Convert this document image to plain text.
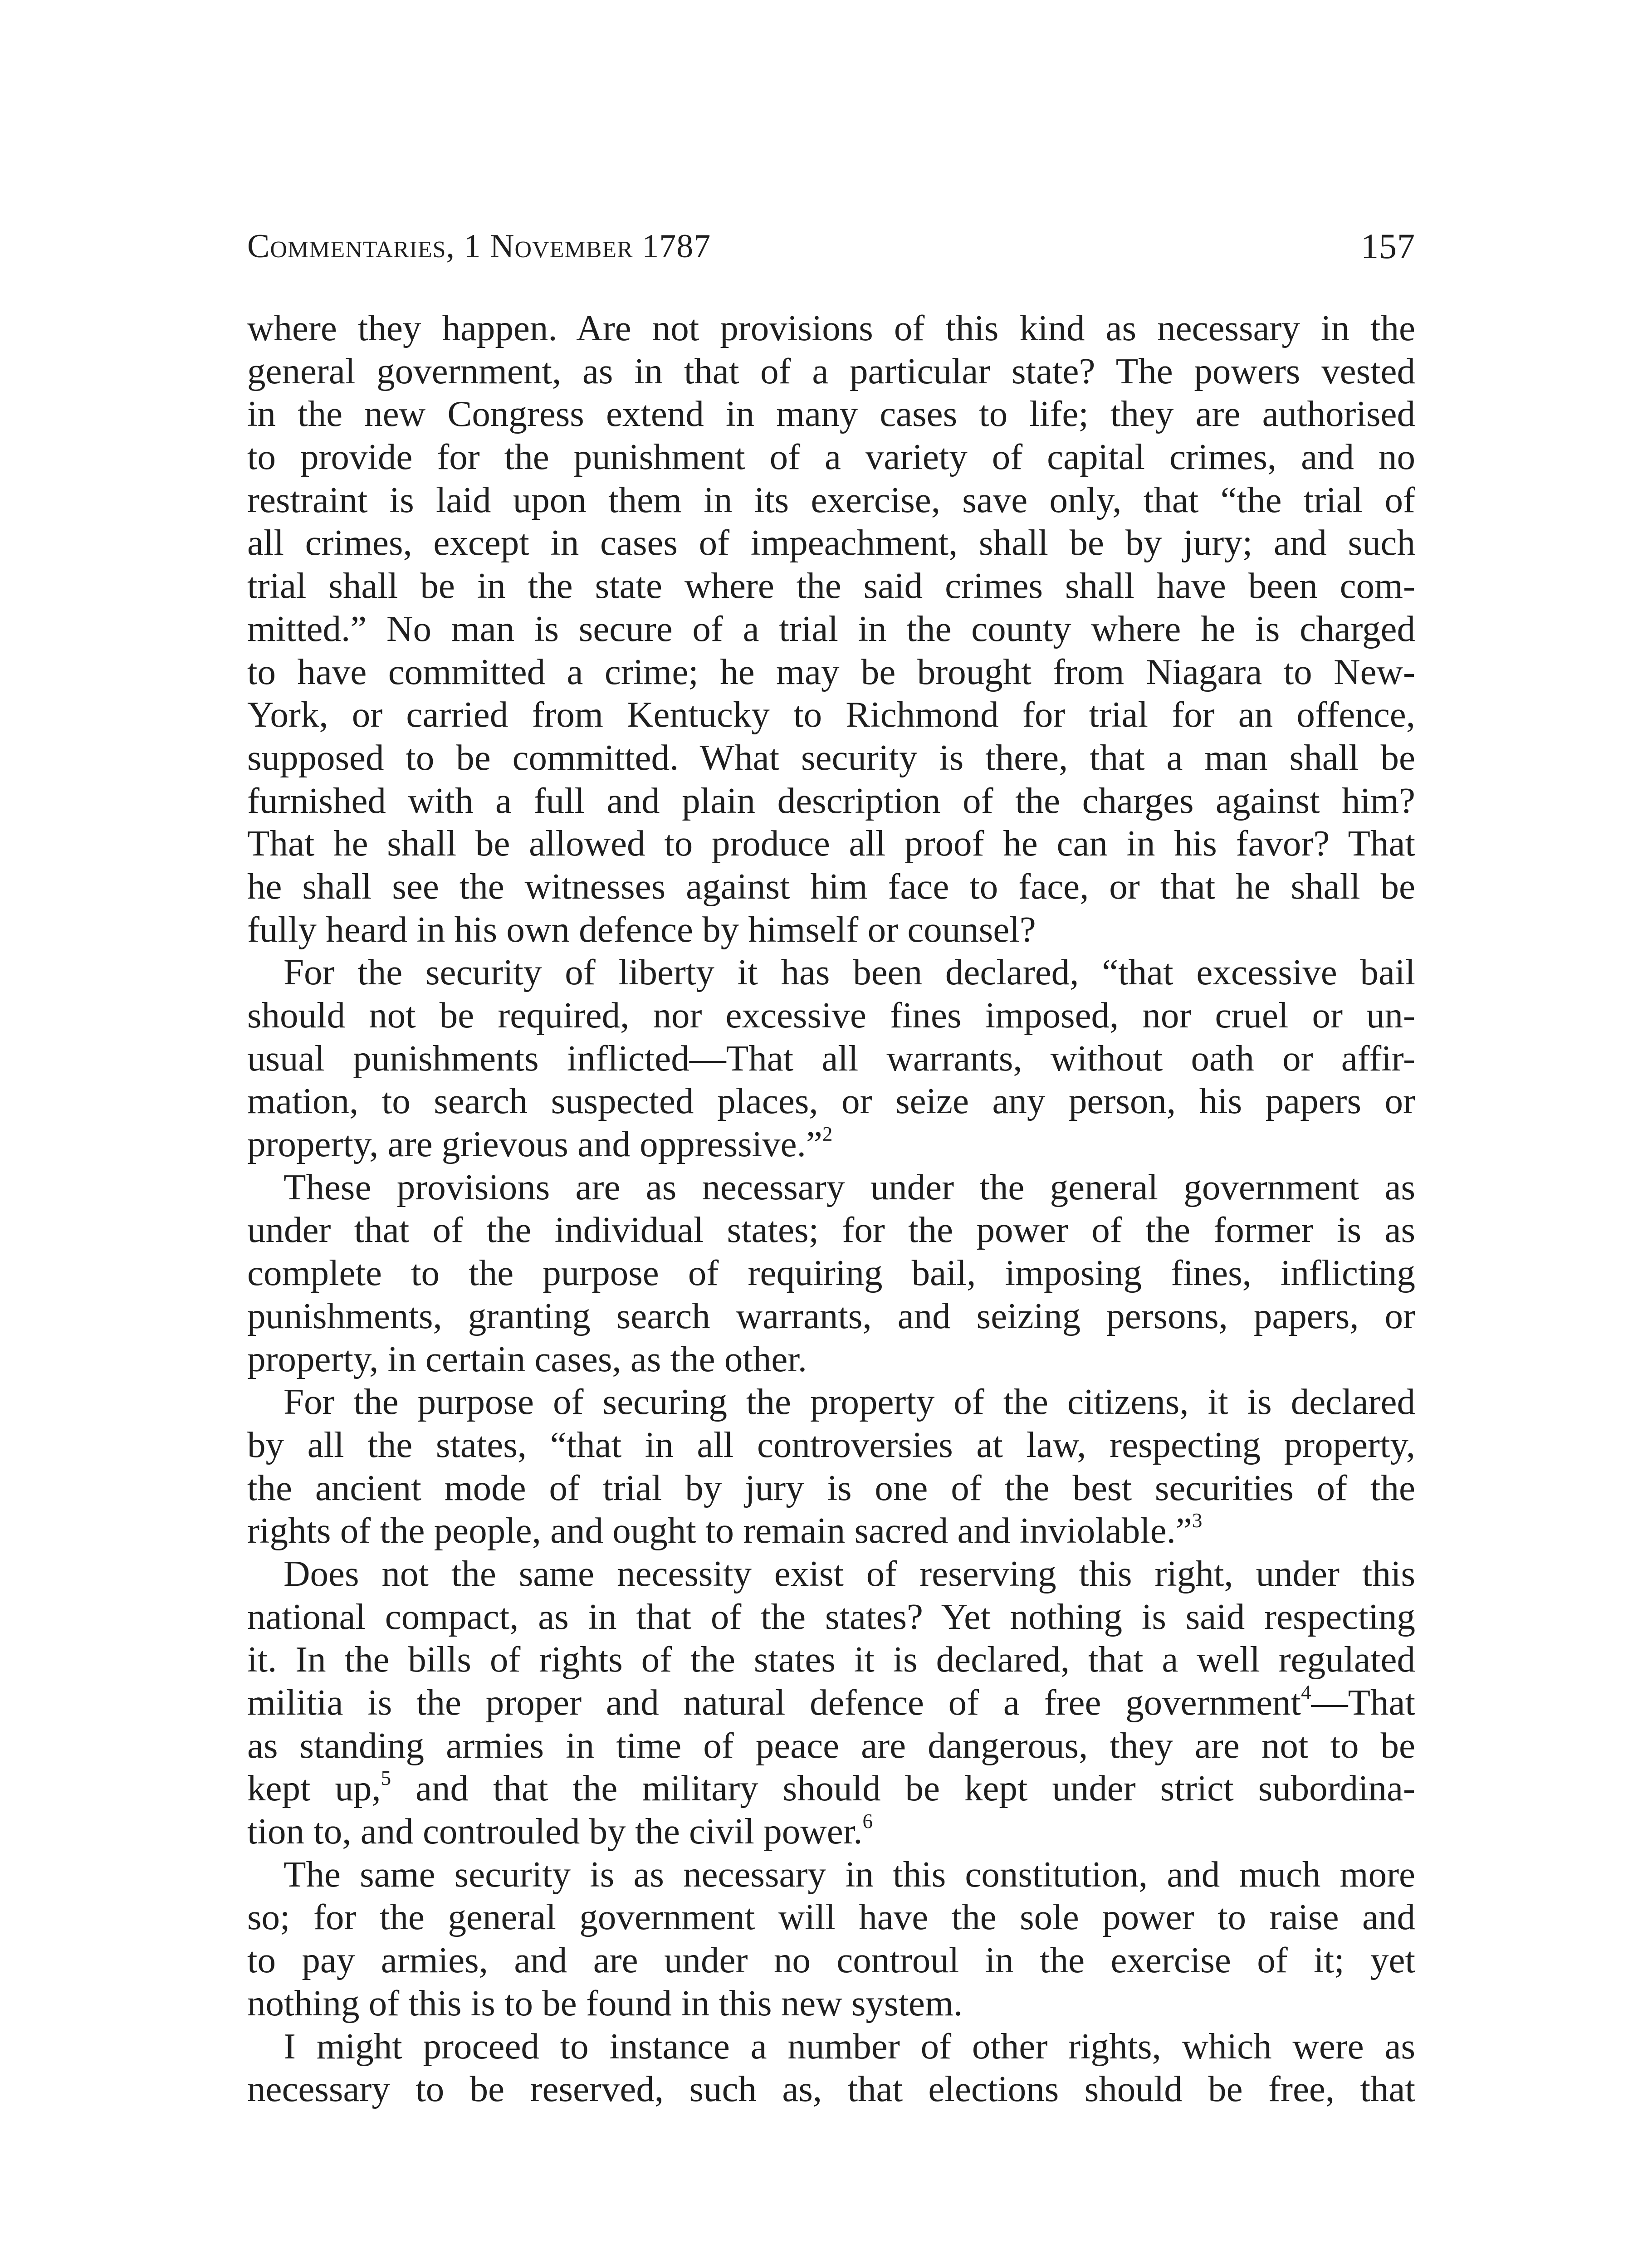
Commentaries, 1 November 1787	157
where they happen. Are not provisions of this kind as necessary in the
general government, as in that of a particular state? The powers vested
in the new Congress extend in many cases to life; they are authorised
to provide for the punishment of a variety of capital crimes, and no
restraint is laid upon them in its exercise, save only, that “the trial of
all crimes, except in cases of impeachment, shall be by jury; and such
trial shall be in the state where the said crimes shall have been com-
mitted.” No man is secure of a trial in the county where he is charged
to have committed a crime; he may be brought from Niagara to New-
York, or carried from Kentucky to Richmond for trial for an offence,
supposed to be committed. What security is there, that a man shall be
furnished with a full and plain description of the charges against him?
That he shall be allowed to produce all proof he can in his favor? That
he shall see the witnesses against him face to face, or that he shall be
fully heard in his own defence by himself or counsel?
For the security of liberty it has been declared, “that excessive bail
should not be required, nor excessive fines imposed, nor cruel or un-
usual punishments inflicted—That all warrants, without oath or affir-
mation, to search suspected places, or seize any person, his papers or
property, are grievous and oppressive.”$^2$
These provisions are as necessary under the general government as
under that of the individual states; for the power of the former is as
complete to the purpose of requiring bail, imposing fines, inflicting
punishments, granting search warrants, and seizing persons, papers, or
property, in certain cases, as the other.
For the purpose of securing the property of the citizens, it is declared
by all the states, “that in all controversies at law, respecting property,
the ancient mode of trial by jury is one of the best securities of the
rights of the people, and ought to remain sacred and inviolable.”$^3$
Does not the same necessity exist of reserving this right, under this
national compact, as in that of the states? Yet nothing is said respecting
it. In the bills of rights of the states it is declared, that a well regulated
militia is the proper and natural defence of a free government$^4$—That
as standing armies in time of peace are dangerous, they are not to be
kept up,$^5$ and that the military should be kept under strict subordina-
tion to, and controuled by the civil power.$^6$
The same security is as necessary in this constitution, and much more
so; for the general government will have the sole power to raise and
to pay armies, and are under no controul in the exercise of it; yet
nothing of this is to be found in this new system.
I might proceed to instance a number of other rights, which were as
necessary to be reserved, such as, that elections should be free, that
